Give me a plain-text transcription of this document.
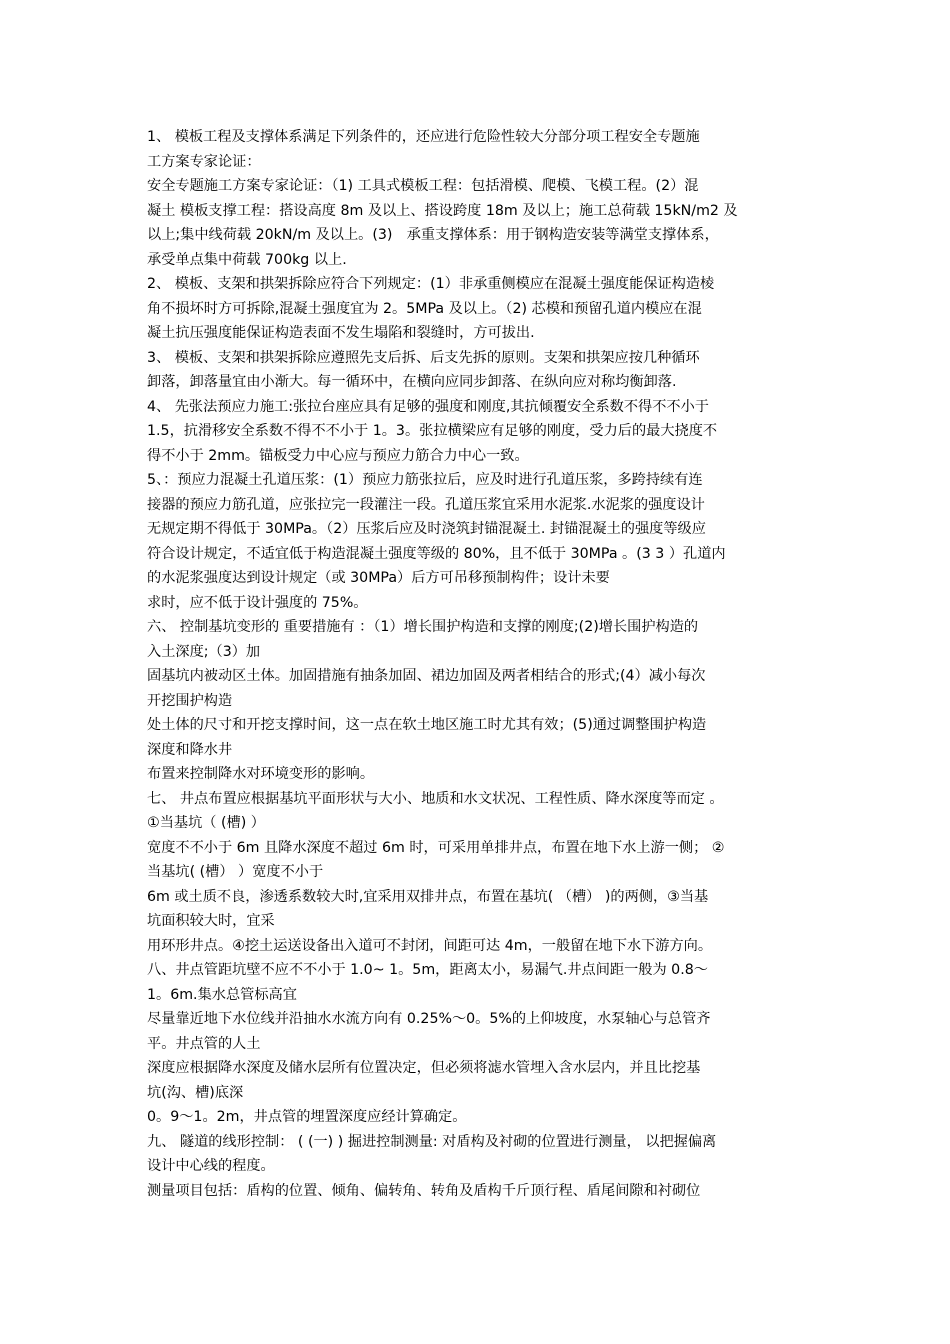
1、 模板工程及支撑体系满足下列条件的，还应进行危险性较大分部分项工程安全专题施
工方案专家论证：
安全专题施工方案专家论证：（1) 工具式模板工程：包括滑模、爬模、飞模工程。(2）混
凝土 模板支撑工程：搭设高度 8m 及以上、搭设跨度 18m 及以上；施工总荷载 15kN/m2 及
以上;集中线荷载 20kN/m 及以上。(3)　承重支撑体系：用于钢构造安装等满堂支撑体系，
承受单点集中荷载 700kg 以上.
2、 模板、支架和拱架拆除应符合下列规定：(1）非承重侧模应在混凝土强度能保证构造棱
角不损坏时方可拆除,混凝土强度宜为 2。5MPa 及以上。（2) 芯模和预留孔道内模应在混
凝土抗压强度能保证构造表面不发生塌陷和裂缝时，方可拔出.
3、 模板、支架和拱架拆除应遵照先支后拆、后支先拆的原则。支架和拱架应按几种循环
卸落，卸落量宜由小渐大。每一循环中，在横向应同步卸落、在纵向应对称均衡卸落.
4、 先张法预应力施工:张拉台座应具有足够的强度和刚度,其抗倾覆安全系数不得不不小于
1.5，抗滑移安全系数不得不不小于 1。3。张拉横梁应有足够的刚度，受力后的最大挠度不
得不小于 2mm。锚板受力中心应与预应力筋合力中心一致。
5、：预应力混凝土孔道压浆：(1）预应力筋张拉后，应及时进行孔道压浆，多跨持续有连
接器的预应力筋孔道，应张拉完一段灌注一段。孔道压浆宜采用水泥浆.水泥浆的强度设计
无规定期不得低于 30MPa。（2）压浆后应及时浇筑封锚混凝土. 封锚混凝土的强度等级应
符合设计规定，不适宜低于构造混凝土强度等级的 80%，且不低于 30MPa 。(3 3 ）孔道内
的水泥浆强度达到设计规定（或 30MPa）后方可吊移预制构件；设计未要
求时，应不低于设计强度的 75%。
六、 控制基坑变形的 重要措施有 ：（1）增长围护构造和支撑的刚度;(2)增长围护构造的
入土深度;（3）加
固基坑内被动区土体。加固措施有抽条加固、裙边加固及两者相结合的形式;(4）减小每次
开挖围护构造
处土体的尺寸和开挖支撑时间，这一点在软土地区施工时尤其有效；(5)通过调整围护构造
深度和降水井
布置来控制降水对环境变形的影响。
七、 井点布置应根据基坑平面形状与大小、地质和水文状况、工程性质、降水深度等而定 。
①当基坑（ (槽) ）
宽度不不小于 6m 且降水深度不超过 6m 时，可采用单排井点，布置在地下水上游一侧； ②
当基坑( (槽） ）宽度不小于
6m 或土质不良，渗透系数较大时,宜采用双排井点，布置在基坑( （槽） )的两侧，③当基
坑面积较大时，宜采
用环形井点。④挖土运送设备出入道可不封闭，间距可达 4m，一般留在地下水下游方向。
八、井点管距坑壁不应不不小于 1.0~ 1。5m，距离太小，易漏气.井点间距一般为 0.8～
1。6m.集水总管标高宜
尽量靠近地下水位线并沿抽水水流方向有 0.25%～0。5%的上仰坡度，水泵轴心与总管齐
平。井点管的人土
深度应根据降水深度及储水层所有位置决定，但必须将滤水管埋入含水层内，并且比挖基
坑(沟、槽)底深
0。9～1。2m，井点管的埋置深度应经计算确定。
九、 隧道的线形控制： ( (一) ) 掘进控制测量: 对盾构及衬砌的位置进行测量， 以把握偏离
设计中心线的程度。
测量项目包括：盾构的位置、倾角、偏转角、转角及盾构千斤顶行程、盾尾间隙和衬砌位
